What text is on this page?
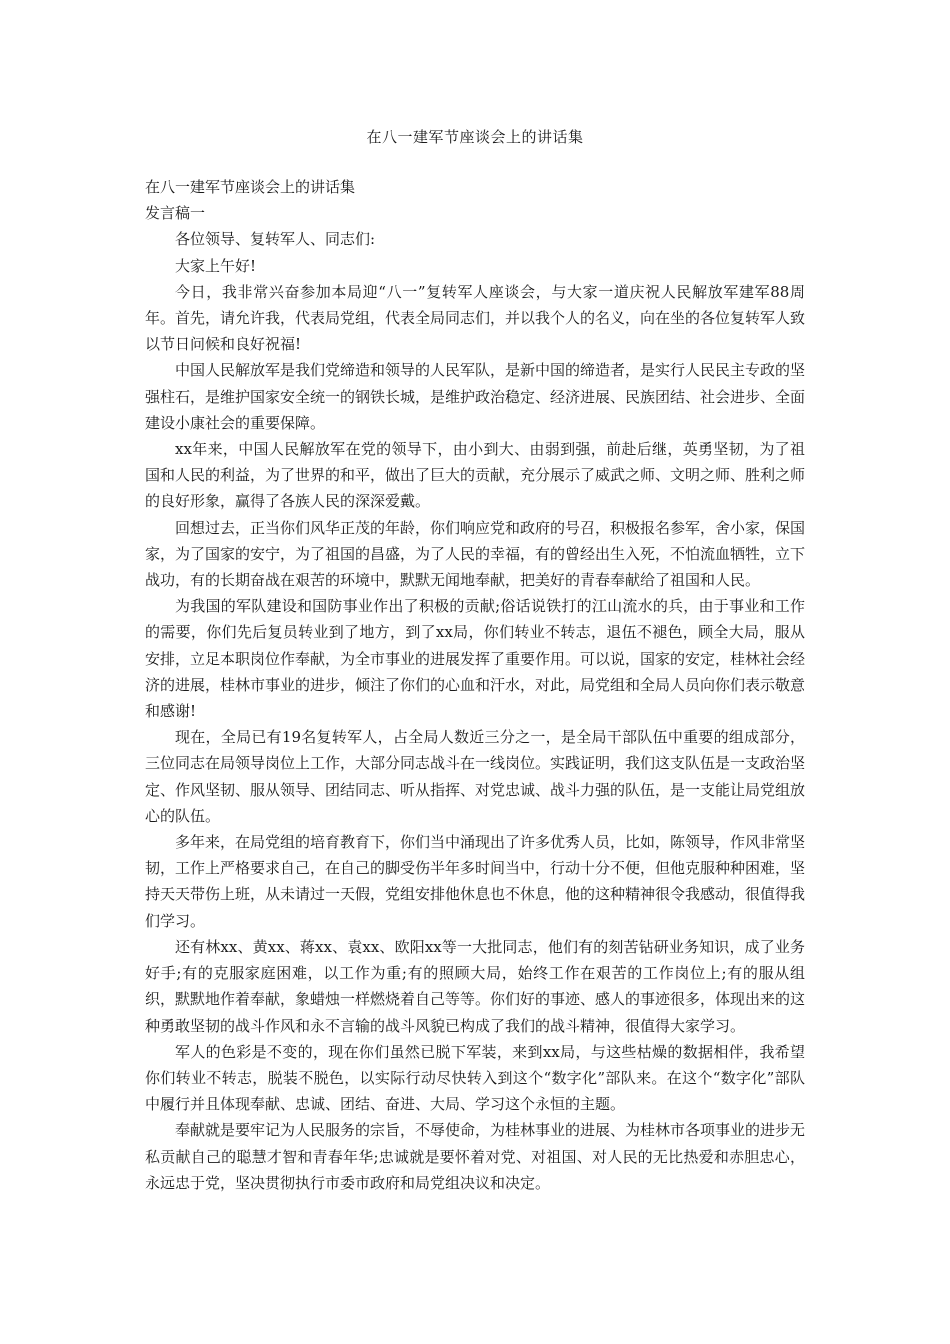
在八一建军节座谈会上的讲话集

在八一建军节座谈会上的讲话集

发言稿一

各位领导、复转军人、同志们:

大家上午好!

今日，我非常兴奋参加本局迎“八一”复转军人座谈会，与大家一道庆祝人民解放军建军88周年。首先，请允许我，代表局党组，代表全局同志们，并以我个人的名义，向在坐的各位复转军人致以节日问候和良好祝福!

中国人民解放军是我们党缔造和领导的人民军队，是新中国的缔造者，是实行人民民主专政的坚强柱石，是维护国家安全统一的钢铁长城，是维护政治稳定、经济进展、民族团结、社会进步、全面建设小康社会的重要保障。

xx年来，中国人民解放军在党的领导下，由小到大、由弱到强，前赴后继，英勇坚韧，为了祖国和人民的利益，为了世界的和平，做出了巨大的贡献，充分展示了威武之师、文明之师、胜利之师的良好形象，赢得了各族人民的深深爱戴。

回想过去，正当你们风华正茂的年龄，你们响应党和政府的号召，积极报名参军，舍小家，保国家，为了国家的安宁，为了祖国的昌盛，为了人民的幸福，有的曾经出生入死，不怕流血牺牲，立下战功，有的长期奋战在艰苦的环境中，默默无闻地奉献，把美好的青春奉献给了祖国和人民。

为我国的军队建设和国防事业作出了积极的贡献;俗话说铁打的江山流水的兵，由于事业和工作的需要，你们先后复员转业到了地方，到了xx局，你们转业不转志，退伍不褪色，顾全大局，服从安排，立足本职岗位作奉献，为全市事业的进展发挥了重要作用。可以说，国家的安定，桂林社会经济的进展，桂林市事业的进步，倾注了你们的心血和汗水，对此，局党组和全局人员向你们表示敬意和感谢!

现在，全局已有19名复转军人，占全局人数近三分之一，是全局干部队伍中重要的组成部分，三位同志在局领导岗位上工作，大部分同志战斗在一线岗位。实践证明，我们这支队伍是一支政治坚定、作风坚韧、服从领导、团结同志、听从指挥、对党忠诚、战斗力强的队伍，是一支能让局党组放心的队伍。

多年来，在局党组的培育教育下，你们当中涌现出了许多优秀人员，比如，陈领导，作风非常坚韧，工作上严格要求自己，在自己的脚受伤半年多时间当中，行动十分不便，但他克服种种困难，坚持天天带伤上班，从未请过一天假，党组安排他休息也不休息，他的这种精神很令我感动，很值得我们学习。

还有林xx、黄xx、蒋xx、袁xx、欧阳xx等一大批同志，他们有的刻苦钻研业务知识，成了业务好手;有的克服家庭困难，以工作为重;有的照顾大局，始终工作在艰苦的工作岗位上;有的服从组织，默默地作着奉献，象蜡烛一样燃烧着自己等等。你们好的事迹、感人的事迹很多，体现出来的这种勇敢坚韧的战斗作风和永不言输的战斗风貌已构成了我们的战斗精神，很值得大家学习。

军人的色彩是不变的，现在你们虽然已脱下军装，来到xx局，与这些枯燥的数据相伴，我希望你们转业不转志，脱装不脱色，以实际行动尽快转入到这个“数字化”部队来。在这个“数字化”部队中履行并且体现奉献、忠诚、团结、奋进、大局、学习这个永恒的主题。

奉献就是要牢记为人民服务的宗旨，不辱使命，为桂林事业的进展、为桂林市各项事业的进步无私贡献自己的聪慧才智和青春年华;忠诚就是要怀着对党、对祖国、对人民的无比热爱和赤胆忠心，永远忠于党，坚决贯彻执行市委市政府和局党组决议和决定。
